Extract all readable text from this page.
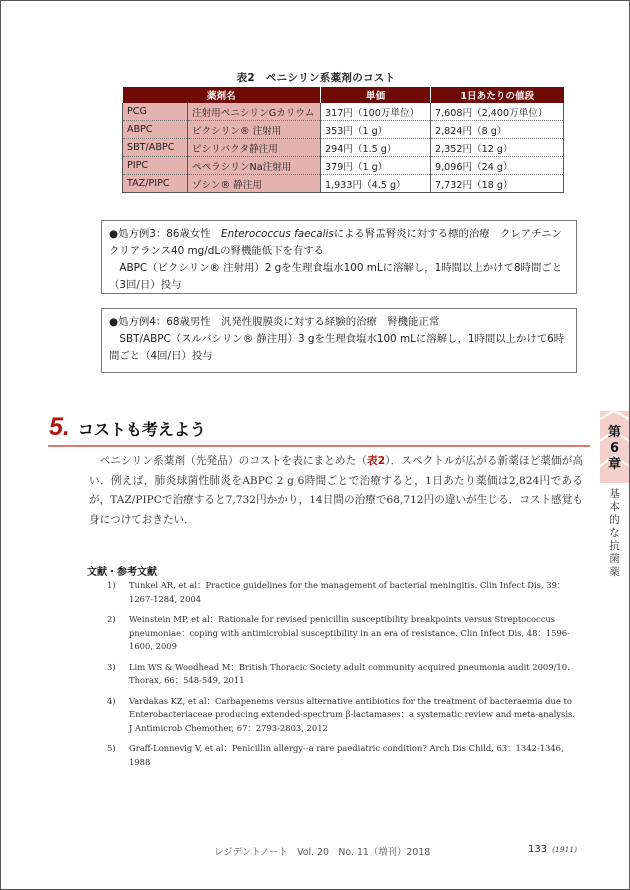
表2　ペニシリン系薬剤のコスト
薬剤名		単価	1日あたりの値段
PCG	注射用ペニシリンGカリウム	317円（100万単位）	7,608円（2,400万単位）
ABPC	ビクシリン® 注射用	353円（1 g）	2,824円（8 g）
SBT/ABPC	ピシリバクタ静注用	294円（1.5 g）	2,352円（12 g）
PIPC	ペペラシリンNa注射用	379円（1 g）	9,096円（24 g）
TAZ/PIPC	ゾシン® 静注用	1,933円（4.5 g）	7,732円（18 g）
●処方例3：86歳女性　Enterococcus faecalisによる腎盂腎炎に対する標的治療　クレアチニンクリアランス40 mg/dLの腎機能低下を有する
ABPC（ビクシリン® 注射用）2 gを生理食塩水100 mLに溶解し，1時間以上かけて8時間ごと（3回/日）投与
●処方例4：68歳男性　汎発性腹膜炎に対する経験的治療　腎機能正常
SBT/ABPC（スルバシリン® 静注用）3 gを生理食塩水100 mLに溶解し，1時間以上かけて6時間ごと（4回/日）投与
5. コストも考えよう
ペニシリン系薬剤（先発品）のコストを表にまとめた（表2）．スペクトルが広がる新薬ほど薬価が高い．例えば，肺炎球菌性肺炎をABPC 2 g 6時間ごとで治療すると，1日あたり薬価は2,824円であるが，TAZ/PIPCで治療すると7,732円かかり，14日間の治療で68,712円の違いが生じる．コスト感覚も身につけておきたい．
第
6
章
基
本
的
な
抗
菌
薬
文献・参考文献
1) Tunkel AR, et al：Practice guidelines for the management of bacterial meningitis. Clin Infect Dis, 39：1267-1284, 2004
2) Weinstein MP, et al：Rationale for revised penicillin susceptibility breakpoints versus Streptococcus pneumoniae：coping with antimicrobial susceptibility in an era of resistance. Clin Infect Dis, 48：1596-1600, 2009
3) Lim WS & Woodhead M：British Thoracic Society adult community acquired pneumonia audit 2009/10. Thorax, 66：548-549, 2011
4) Vardakas KZ, et al：Carbapenems versus alternative antibiotics for the treatment of bacteraemia due to Enterobacteriaceae producing extended-spectrum β-lactamases：a systematic review and meta-analysis. J Antimicrob Chemother, 67：2793-2803, 2012
5) Graff-Lonnevig V, et al：Penicillin allergy--a rare paediatric condition? Arch Dis Child, 63：1342-1346, 1988
レジデントノート　Vol. 20　No. 11（増刊）2018	133 (1911)
